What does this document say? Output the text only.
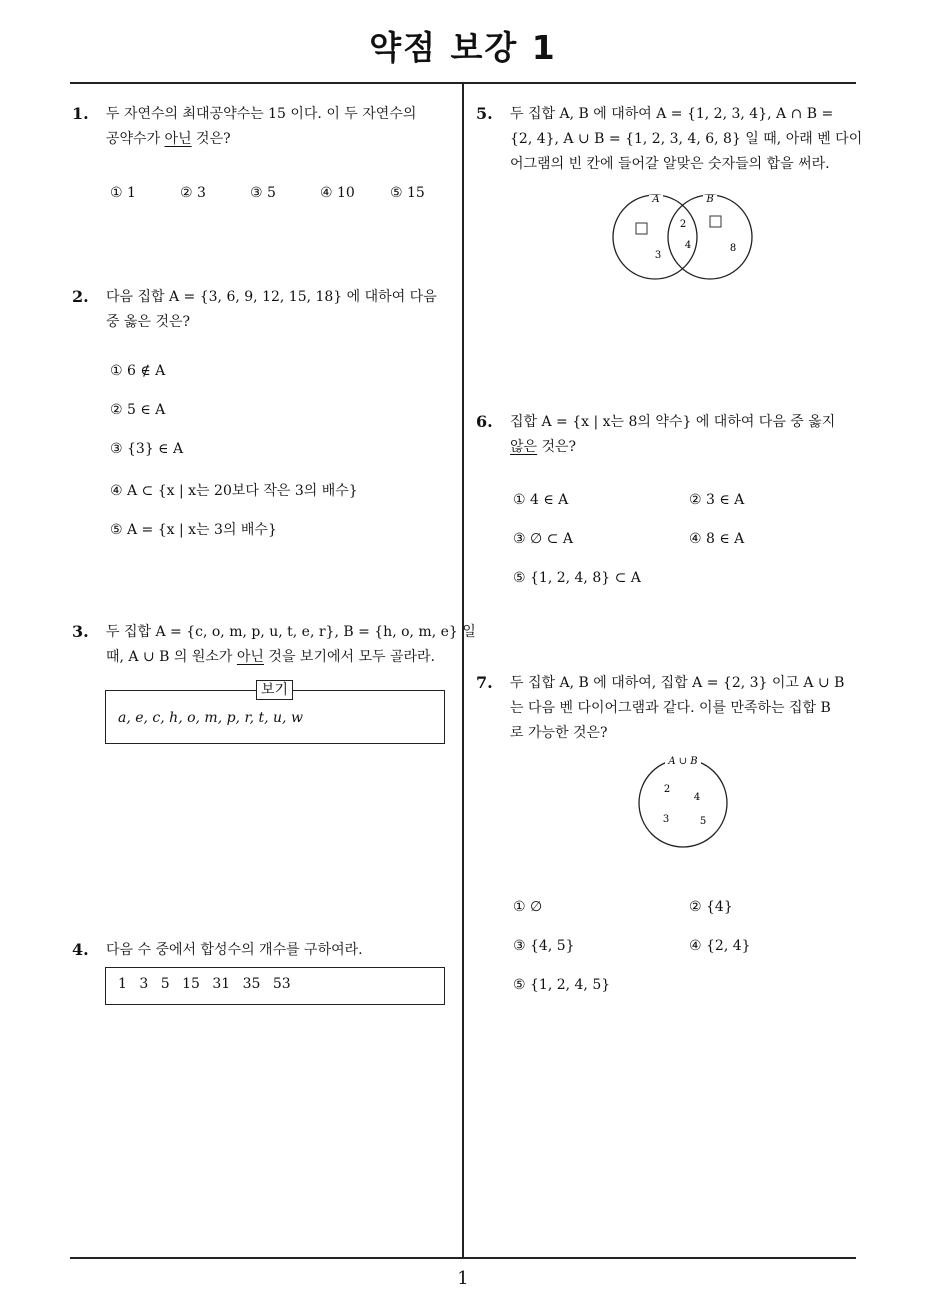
약점 보강 1
1
1. 두 자연수의 최대공약수는 15 이다. 이 두 자연수의
공약수가 아닌 것은?
① 1	② 3	③ 5	④ 10	⑤ 15
2. 다음 집합 A = {3, 6, 9, 12, 15, 18} 에 대하여 다음
중 옳은 것은?
① 6 ∉ A
② 5 ∈ A
③ {3} ∈ A
④ A ⊂ {x | x는 20보다 작은 3의 배수}
⑤ A = {x | x는 3의 배수}
3. 두 집합 A = {c, o, m, p, u, t, e, r}, B = {h, o, m, e} 일
때, A ∪ B 의 원소가 아닌 것을 보기에서 모두 골라라.
a, e, c, h, o, m, p, r, t, u, w
보기
4. 다음 수 중에서 합성수의 개수를 구하여라.
1 3 5 15 31 35 53
5. 두 집합 A, B 에 대하여 A = {1, 2, 3, 4}, A ∩ B =
{2, 4}, A ∪ B = {1, 2, 3, 4, 6, 8} 일 때, 아래 벤 다이
어그램의 빈 칸에 들어갈 알맞은 숫자들의 합을 써라.
A	B
2
4
3
8
6. 집합 A = {x | x는 8의 약수} 에 대하여 다음 중 옳지
않은 것은?
① 4 ∈ A	② 3 ∈ A
③ ∅ ⊂ A	④ 8 ∈ A
⑤ {1, 2, 4, 8} ⊂ A
7. 두 집합 A, B 에 대하여, 집합 A = {2, 3} 이고 A ∪ B
는 다음 벤 다이어그램과 같다. 이를 만족하는 집합 B
로 가능한 것은?
A ∪ B
2
4
3	5
① ∅	② {4}
③ {4, 5}	④ {2, 4}
⑤ {1, 2, 4, 5}
